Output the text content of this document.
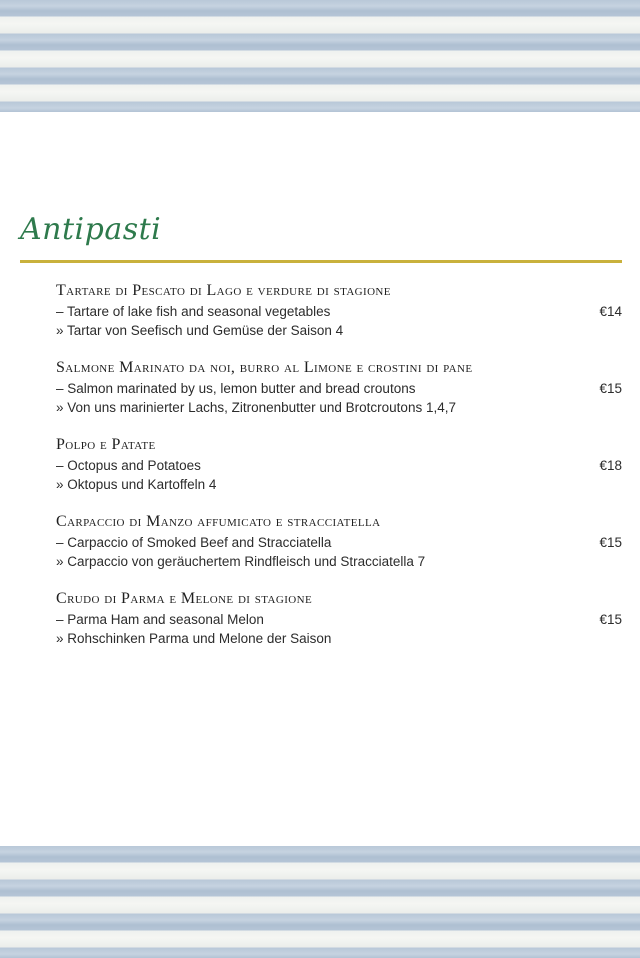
Antipasti
Tartare di Pescato di Lago e verdure di stagione
– Tartare of lake fish and seasonal vegetables
» Tartar von Seefisch und Gemüse der Saison 4
€14
Salmone Marinato da noi, burro al Limone e crostini di pane
– Salmon marinated by us, lemon butter and bread croutons
» Von uns marinierter Lachs, Zitronenbutter und Brotcroutons 1,4,7
€15
Polpo e Patate
– Octopus and Potatoes
» Oktopus und Kartoffeln 4
€18
Carpaccio di Manzo affumicato e stracciatella
– Carpaccio of Smoked Beef and Stracciatella
» Carpaccio von geräuchertem Rindfleisch und Stracciatella 7
€15
Crudo di Parma e Melone di stagione
– Parma Ham and seasonal Melon
» Rohschinken Parma und Melone der Saison
€15
